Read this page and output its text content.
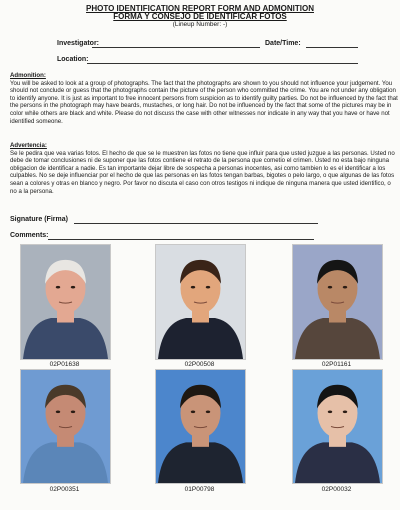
PHOTO IDENTIFICATION REPORT FORM AND ADMONITION
FORMA Y CONSEJO DE IDENTIFICAR FOTOS
(Lineup Number: -)
Investigator:	Date/Time:
Location:
Admonition:
You will be asked to look at a group of photographs. The fact that the photographs are shown to you should not influence your judgement. You should not conclude or guess that the photographs contain the picture of the person who committed the crime. You are not under any obligation to identify anyone. It is just as important to free innocent persons from suspicion as to identify guilty parties. Do not be influenced by the fact that the persons in the photograph may have beards, mustaches, or long hair. Do not be influenced by the fact that some of the pictures may be in color while others are black and white. Please do not discuss the case with other witnesses nor indicate in any way that you have or have not identified someone.
Advertencia:
Se le pedira que vea varias fotos. El hecho de que se le muestren las fotos no tiene que influir para que usted juzgue a las personas. Usted no debe de tomar conclusiones ni de suponer que las fotos contiene el retrato de la persona que cometio el crimen. Usted no esta bajo ninguna obligacion de identificar a nadie. Es tan importante dejar libre de sospecha a personas inocentes, asi como tambien lo es el identificar a los culpables. No se deje influenciar por el hecho de que las personas en las fotos tengan barbas, bigotes o pelo largo, o que algunas de las fotos sean a colores y otras en blanco y negro. Por favor no discuta el caso con otros testigos ni indique de ninguna manera que usted identifico, o no a la persona.
Signature (Firma)
Comments:
02P01638	02P00508	02P01161
02P00351	01P00798	02P00032
